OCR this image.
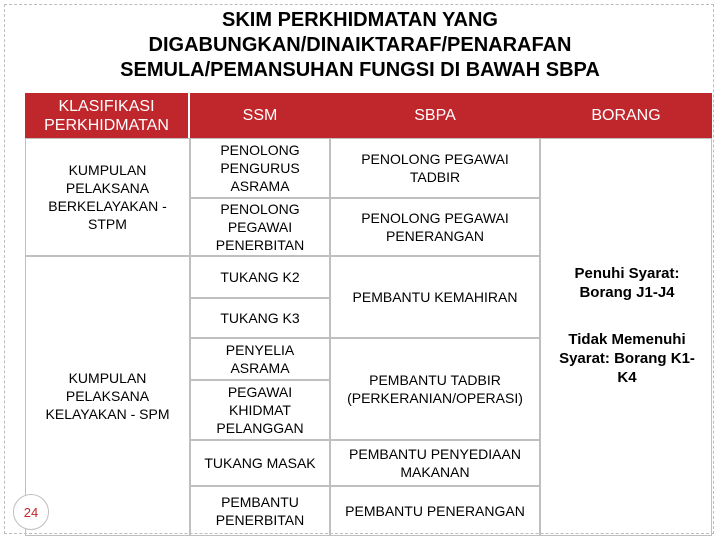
SKIM PERKHIDMATAN YANG
DIGABUNGKAN/DINAIKTARAF/PENARAFAN
SEMULA/PEMANSUHAN FUNGSI DI BAWAH SBPA
KLASIFIKASI PERKHIDMATAN
SSM	SBPA	BORANG
KUMPULAN PELAKSANA BERKELAYAKAN - STPM
KUMPULAN PELAKSANA KELAYAKAN - SPM
PENOLONG PENGURUS ASRAMA
PENOLONG PEGAWAI PENERBITAN
TUKANG K2
TUKANG K3
PENYELIA ASRAMA
PEGAWAI KHIDMAT PELANGGAN
TUKANG MASAK
PEMBANTU PENERBITAN
PENOLONG PEGAWAI TADBIR
PENOLONG PEGAWAI PENERANGAN
PEMBANTU KEMAHIRAN
PEMBANTU TADBIR (PERKERANIAN/OPERASI)
PEMBANTU PENYEDIAAN MAKANAN
PEMBANTU PENERANGAN
Penuhi Syarat: Borang J1-J4
Tidak Memenuhi Syarat: Borang K1-K4
24
